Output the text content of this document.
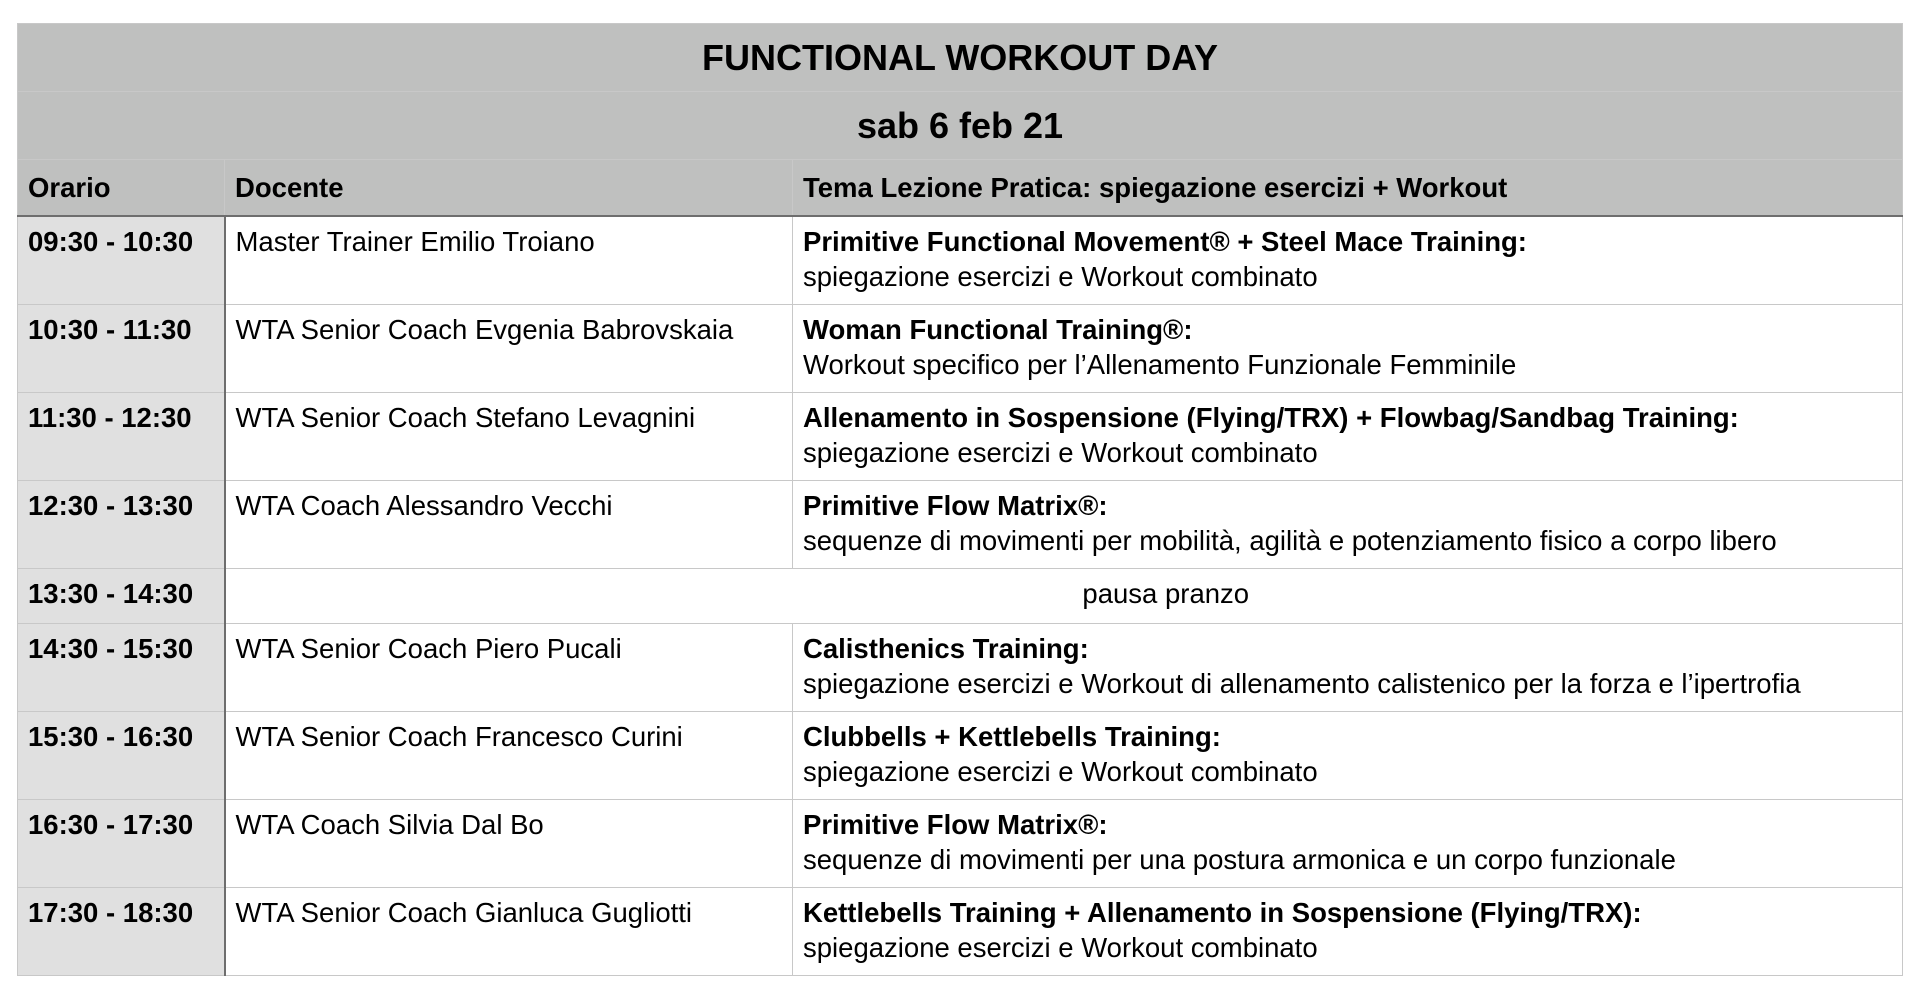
FUNCTIONAL WORKOUT DAY		
sab 6 feb 21		
Orario	Docente	Tema Lezione Pratica: spiegazione esercizi + Workout
09:30 - 10:30	Master Trainer Emilio Troiano	Primitive Functional Movement® + Steel Mace Training:
spiegazione esercizi e Workout combinato

10:30 - 11:30	WTA Senior Coach Evgenia Babrovskaia	Woman Functional Training®:
Workout specifico per l’Allenamento Funzionale Femminile

11:30 - 12:30	WTA Senior Coach Stefano Levagnini	Allenamento in Sospensione (Flying/TRX) + Flowbag/Sandbag Training:
spiegazione esercizi e Workout combinato

12:30 - 13:30	WTA Coach Alessandro Vecchi	Primitive Flow Matrix®:
sequenze di movimenti per mobilità, agilità e potenziamento fisico a corpo libero

13:30 - 14:30	pausa pranzo	
14:30 - 15:30	WTA Senior Coach Piero Pucali	Calisthenics Training:
spiegazione esercizi e Workout di allenamento calistenico per la forza e l’ipertrofia

15:30 - 16:30	WTA Senior Coach Francesco Curini	Clubbells + Kettlebells Training:
spiegazione esercizi e Workout combinato

16:30 - 17:30	WTA Coach Silvia Dal Bo	Primitive Flow Matrix®:
sequenze di movimenti per una postura armonica e un corpo funzionale

17:30 - 18:30	WTA Senior Coach Gianluca Gugliotti	Kettlebells Training + Allenamento in Sospensione (Flying/TRX):
spiegazione esercizi e Workout combinato
